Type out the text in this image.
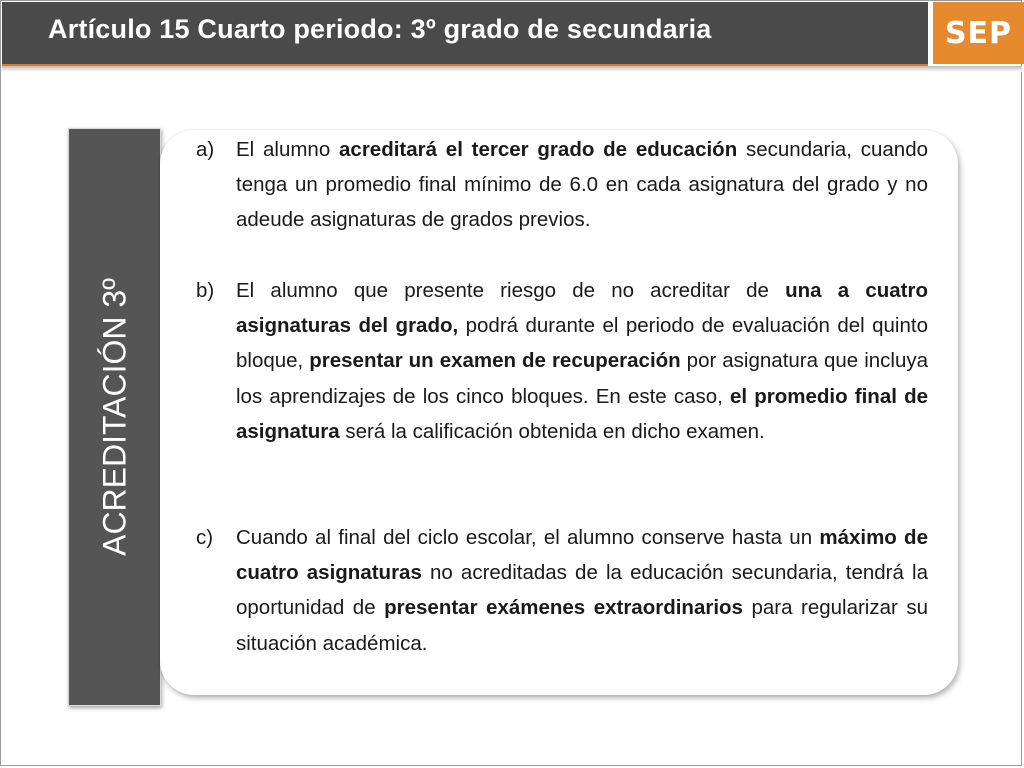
Artículo 15 Cuarto periodo: 3º grado de secundaria	SEP
ACREDITACIÓN 3º
a)	El alumno acreditará el tercer grado de educación secundaria, cuando tenga un promedio final mínimo de 6.0 en cada asignatura del grado y no adeude asignaturas de grados previos.
b)	El alumno que presente riesgo de no acreditar de una a cuatro asignaturas del grado, podrá durante el periodo de evaluación del quinto bloque, presentar un examen de recuperación por asignatura que incluya los aprendizajes de los cinco bloques. En este caso, el promedio final de asignatura será la calificación obtenida en dicho examen.
c)	Cuando al final del ciclo escolar, el alumno conserve hasta un máximo de cuatro asignaturas no acreditadas de la educación secundaria, tendrá la oportunidad de presentar exámenes extraordinarios para regularizar su situación académica.
